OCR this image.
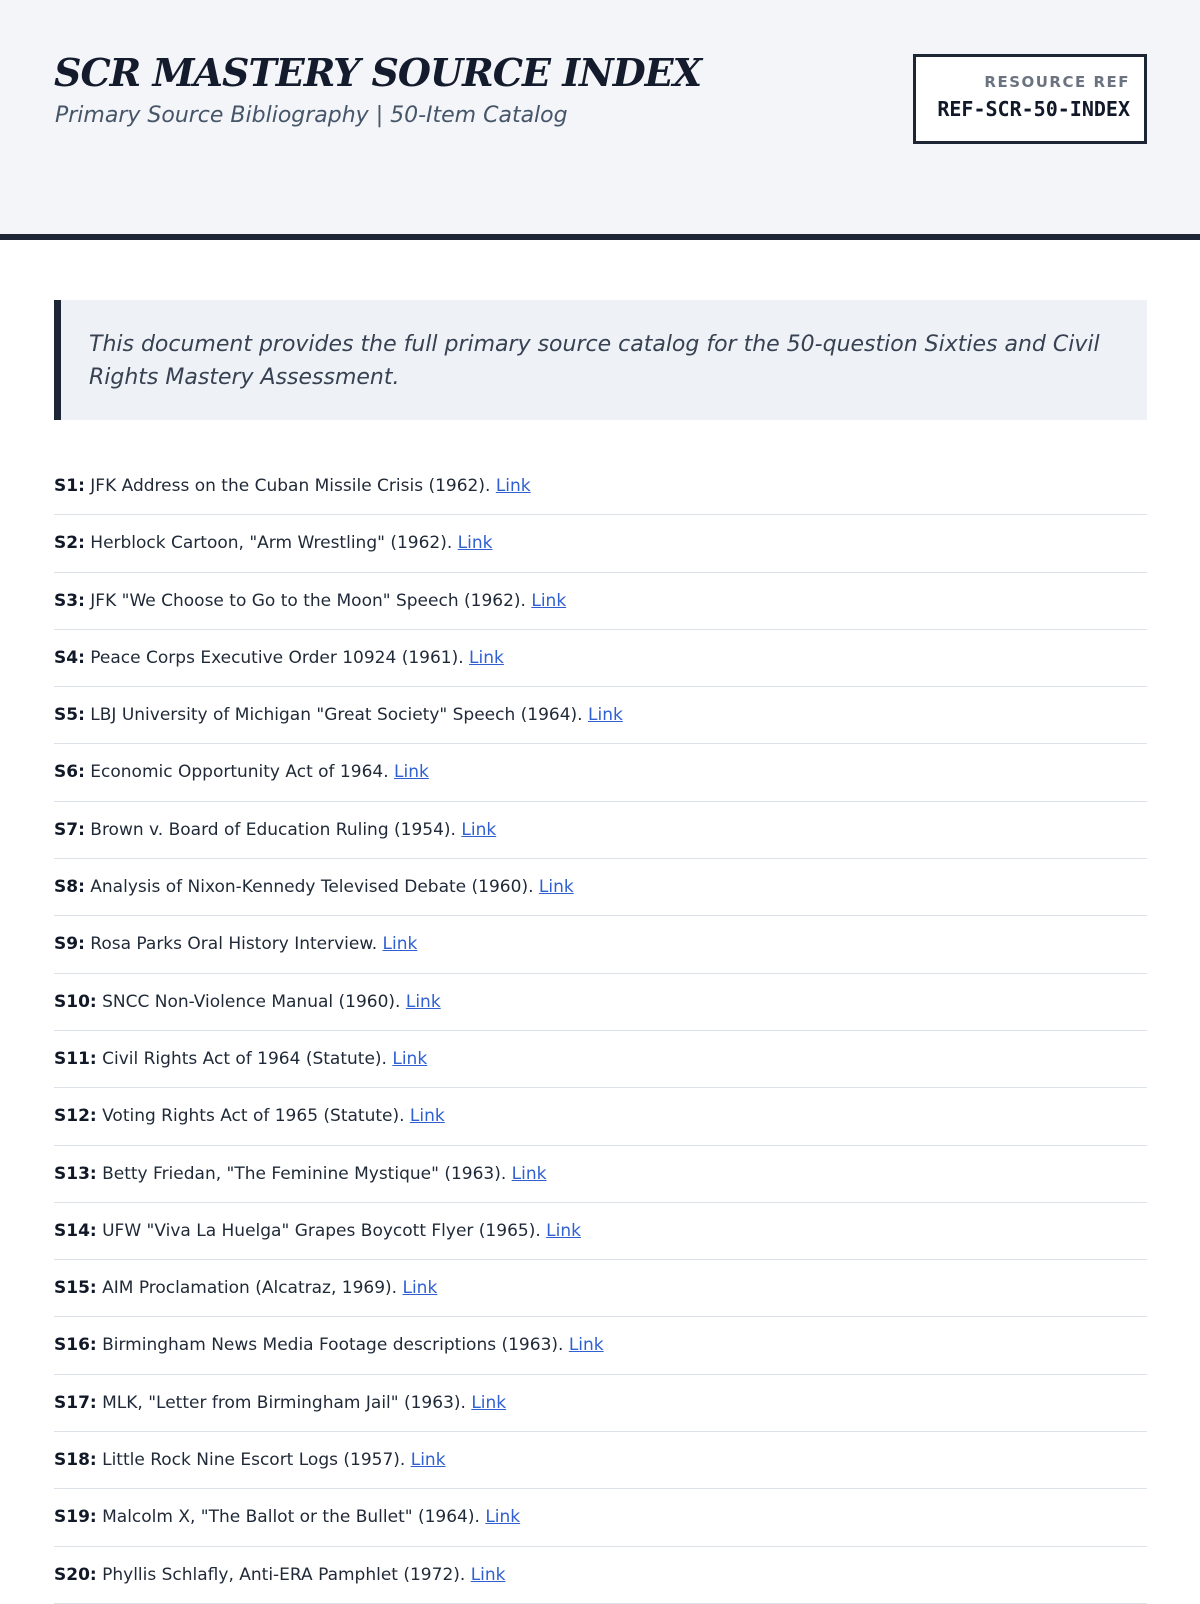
SCR MASTERY SOURCE INDEX
Primary Source Bibliography | 50-Item Catalog
RESOURCE REF
REF-SCR-50-INDEX
This document provides the full primary source catalog for the 50-question Sixties and Civil Rights Mastery Assessment.
S1: JFK Address on the Cuban Missile Crisis (1962). Link
S2: Herblock Cartoon, "Arm Wrestling" (1962). Link
S3: JFK "We Choose to Go to the Moon" Speech (1962). Link
S4: Peace Corps Executive Order 10924 (1961). Link
S5: LBJ University of Michigan "Great Society" Speech (1964). Link
S6: Economic Opportunity Act of 1964. Link
S7: Brown v. Board of Education Ruling (1954). Link
S8: Analysis of Nixon-Kennedy Televised Debate (1960). Link
S9: Rosa Parks Oral History Interview. Link
S10: SNCC Non-Violence Manual (1960). Link
S11: Civil Rights Act of 1964 (Statute). Link
S12: Voting Rights Act of 1965 (Statute). Link
S13: Betty Friedan, "The Feminine Mystique" (1963). Link
S14: UFW "Viva La Huelga" Grapes Boycott Flyer (1965). Link
S15: AIM Proclamation (Alcatraz, 1969). Link
S16: Birmingham News Media Footage descriptions (1963). Link
S17: MLK, "Letter from Birmingham Jail" (1963). Link
S18: Little Rock Nine Escort Logs (1957). Link
S19: Malcolm X, "The Ballot or the Bullet" (1964). Link
S20: Phyllis Schlafly, Anti-ERA Pamphlet (1972). Link
